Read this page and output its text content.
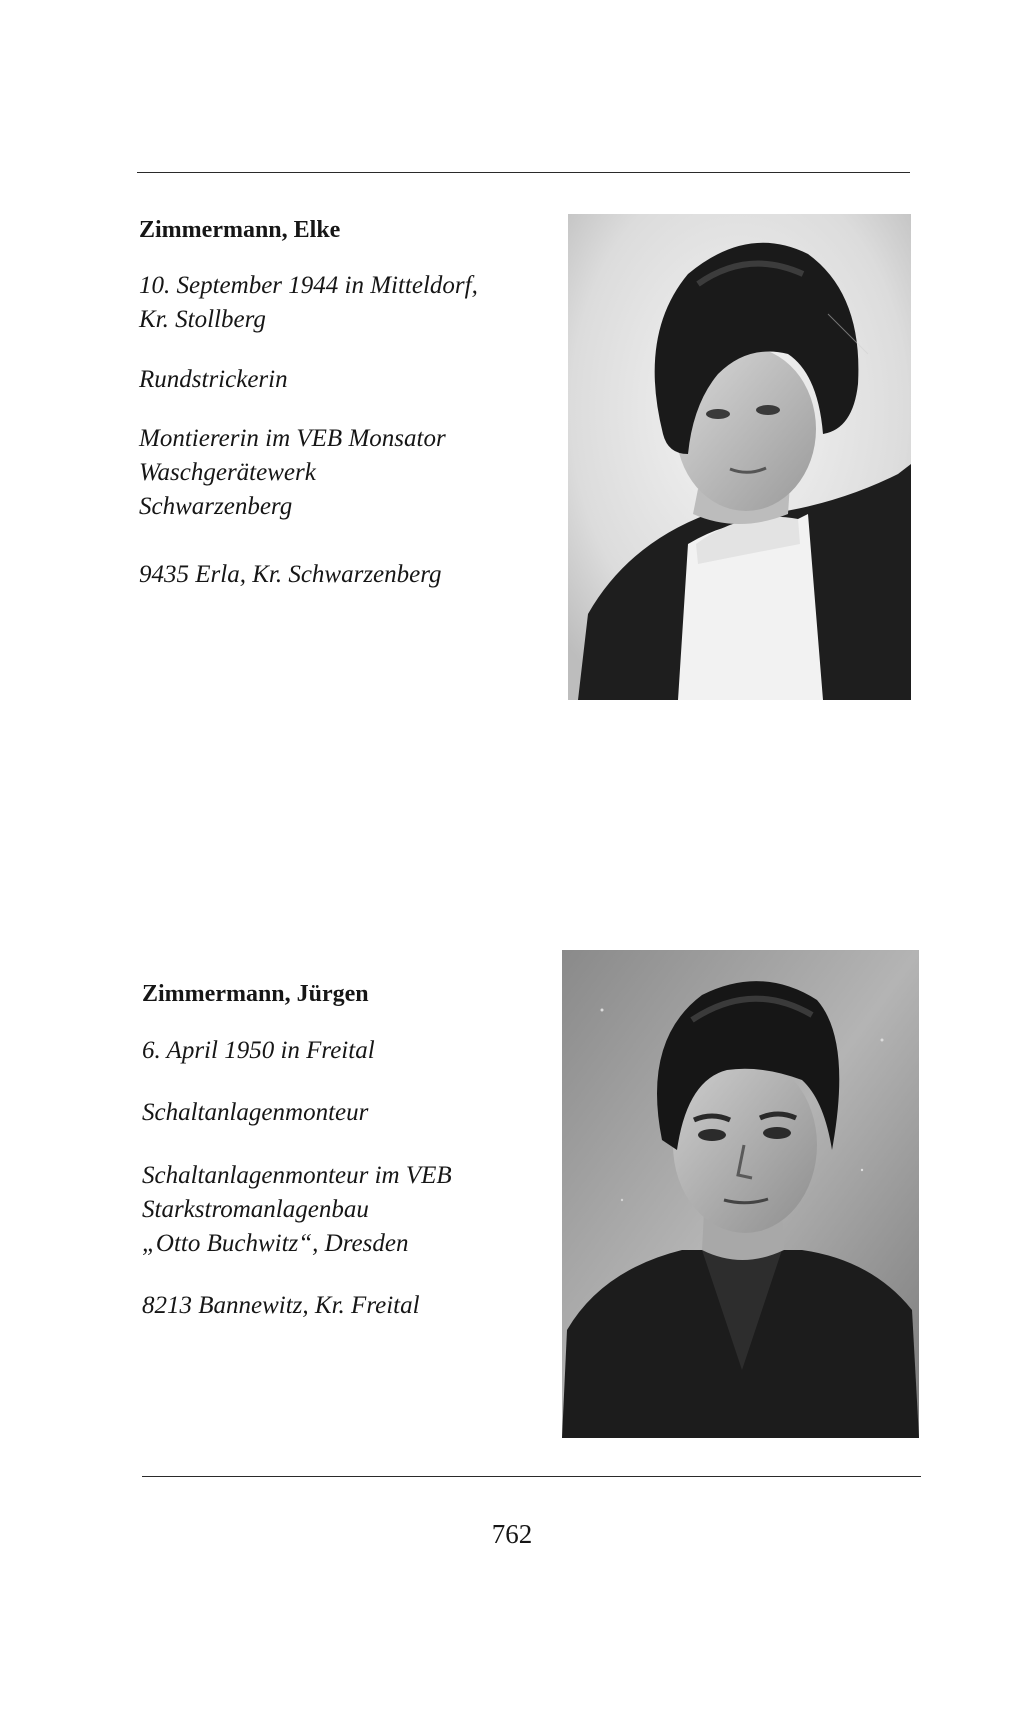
Zimmermann, Elke

10. September 1944 in Mitteldorf,
Kr. Stollberg

Rundstrickerin

Montiererin im VEB Monsator
Waschgerätewerk
Schwarzenberg

9435 Erla, Kr. Schwarzenberg

Zimmermann, Jürgen

6. April 1950 in Freital

Schaltanlagenmonteur

Schaltanlagenmonteur im VEB
Starkstromanlagenbau
„Otto Buchwitz“, Dresden

8213 Bannewitz, Kr. Freital

762
